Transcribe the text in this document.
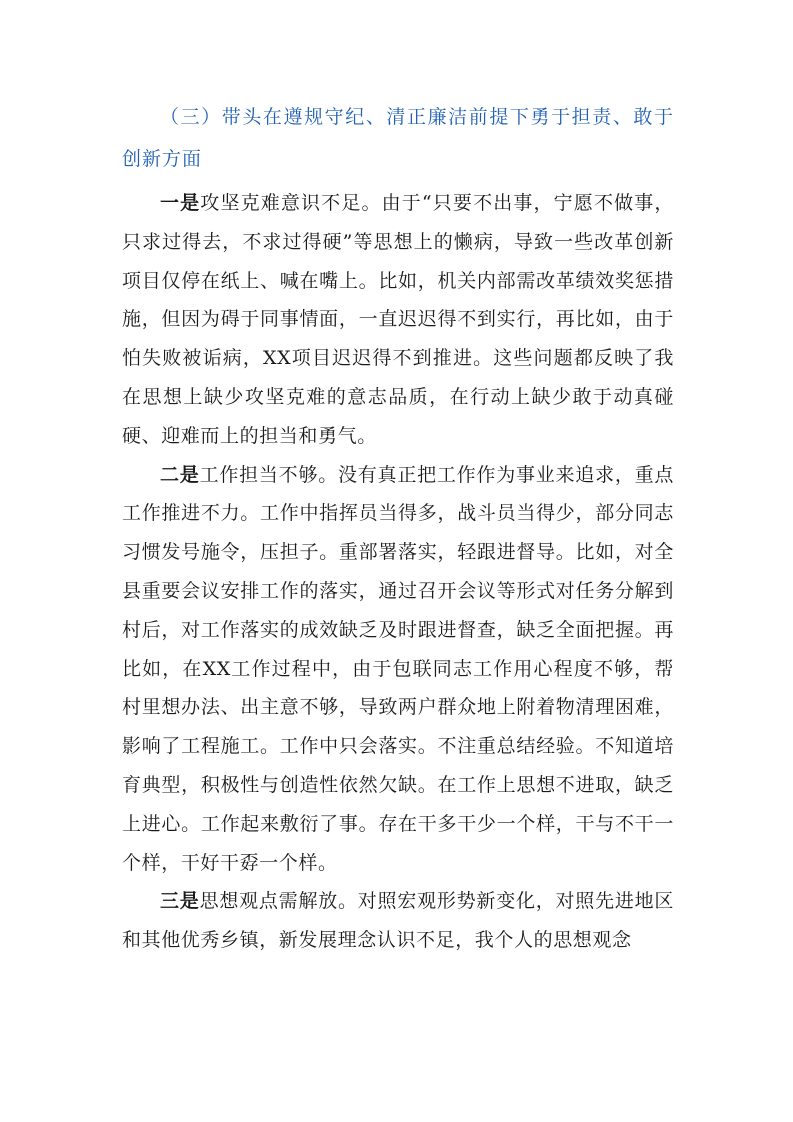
（三）带头在遵规守纪、清正廉洁前提下勇于担责、敢于创新方面

一是攻坚克难意识不足。由于“只要不出事，宁愿不做事，只求过得去，不求过得硬”等思想上的懒病，导致一些改革创新项目仅停在纸上、喊在嘴上。比如，机关内部需改革绩效奖惩措施，但因为碍于同事情面，一直迟迟得不到实行，再比如，由于怕失败被诟病，XX项目迟迟得不到推进。这些问题都反映了我在思想上缺少攻坚克难的意志品质，在行动上缺少敢于动真碰硬、迎难而上的担当和勇气。

二是工作担当不够。没有真正把工作作为事业来追求，重点工作推进不力。工作中指挥员当得多，战斗员当得少，部分同志习惯发号施令，压担子。重部署落实，轻跟进督导。比如，对全县重要会议安排工作的落实，通过召开会议等形式对任务分解到村后，对工作落实的成效缺乏及时跟进督查，缺乏全面把握。再比如，在XX工作过程中，由于包联同志工作用心程度不够，帮村里想办法、出主意不够，导致两户群众地上附着物清理困难，影响了工程施工。工作中只会落实。不注重总结经验。不知道培育典型，积极性与创造性依然欠缺。在工作上思想不进取，缺乏上进心。工作起来敷衍了事。存在干多干少一个样，干与不干一个样，干好干孬一个样。

三是思想观点需解放。对照宏观形势新变化，对照先进地区和其他优秀乡镇，新发展理念认识不足，我个人的思想观念
